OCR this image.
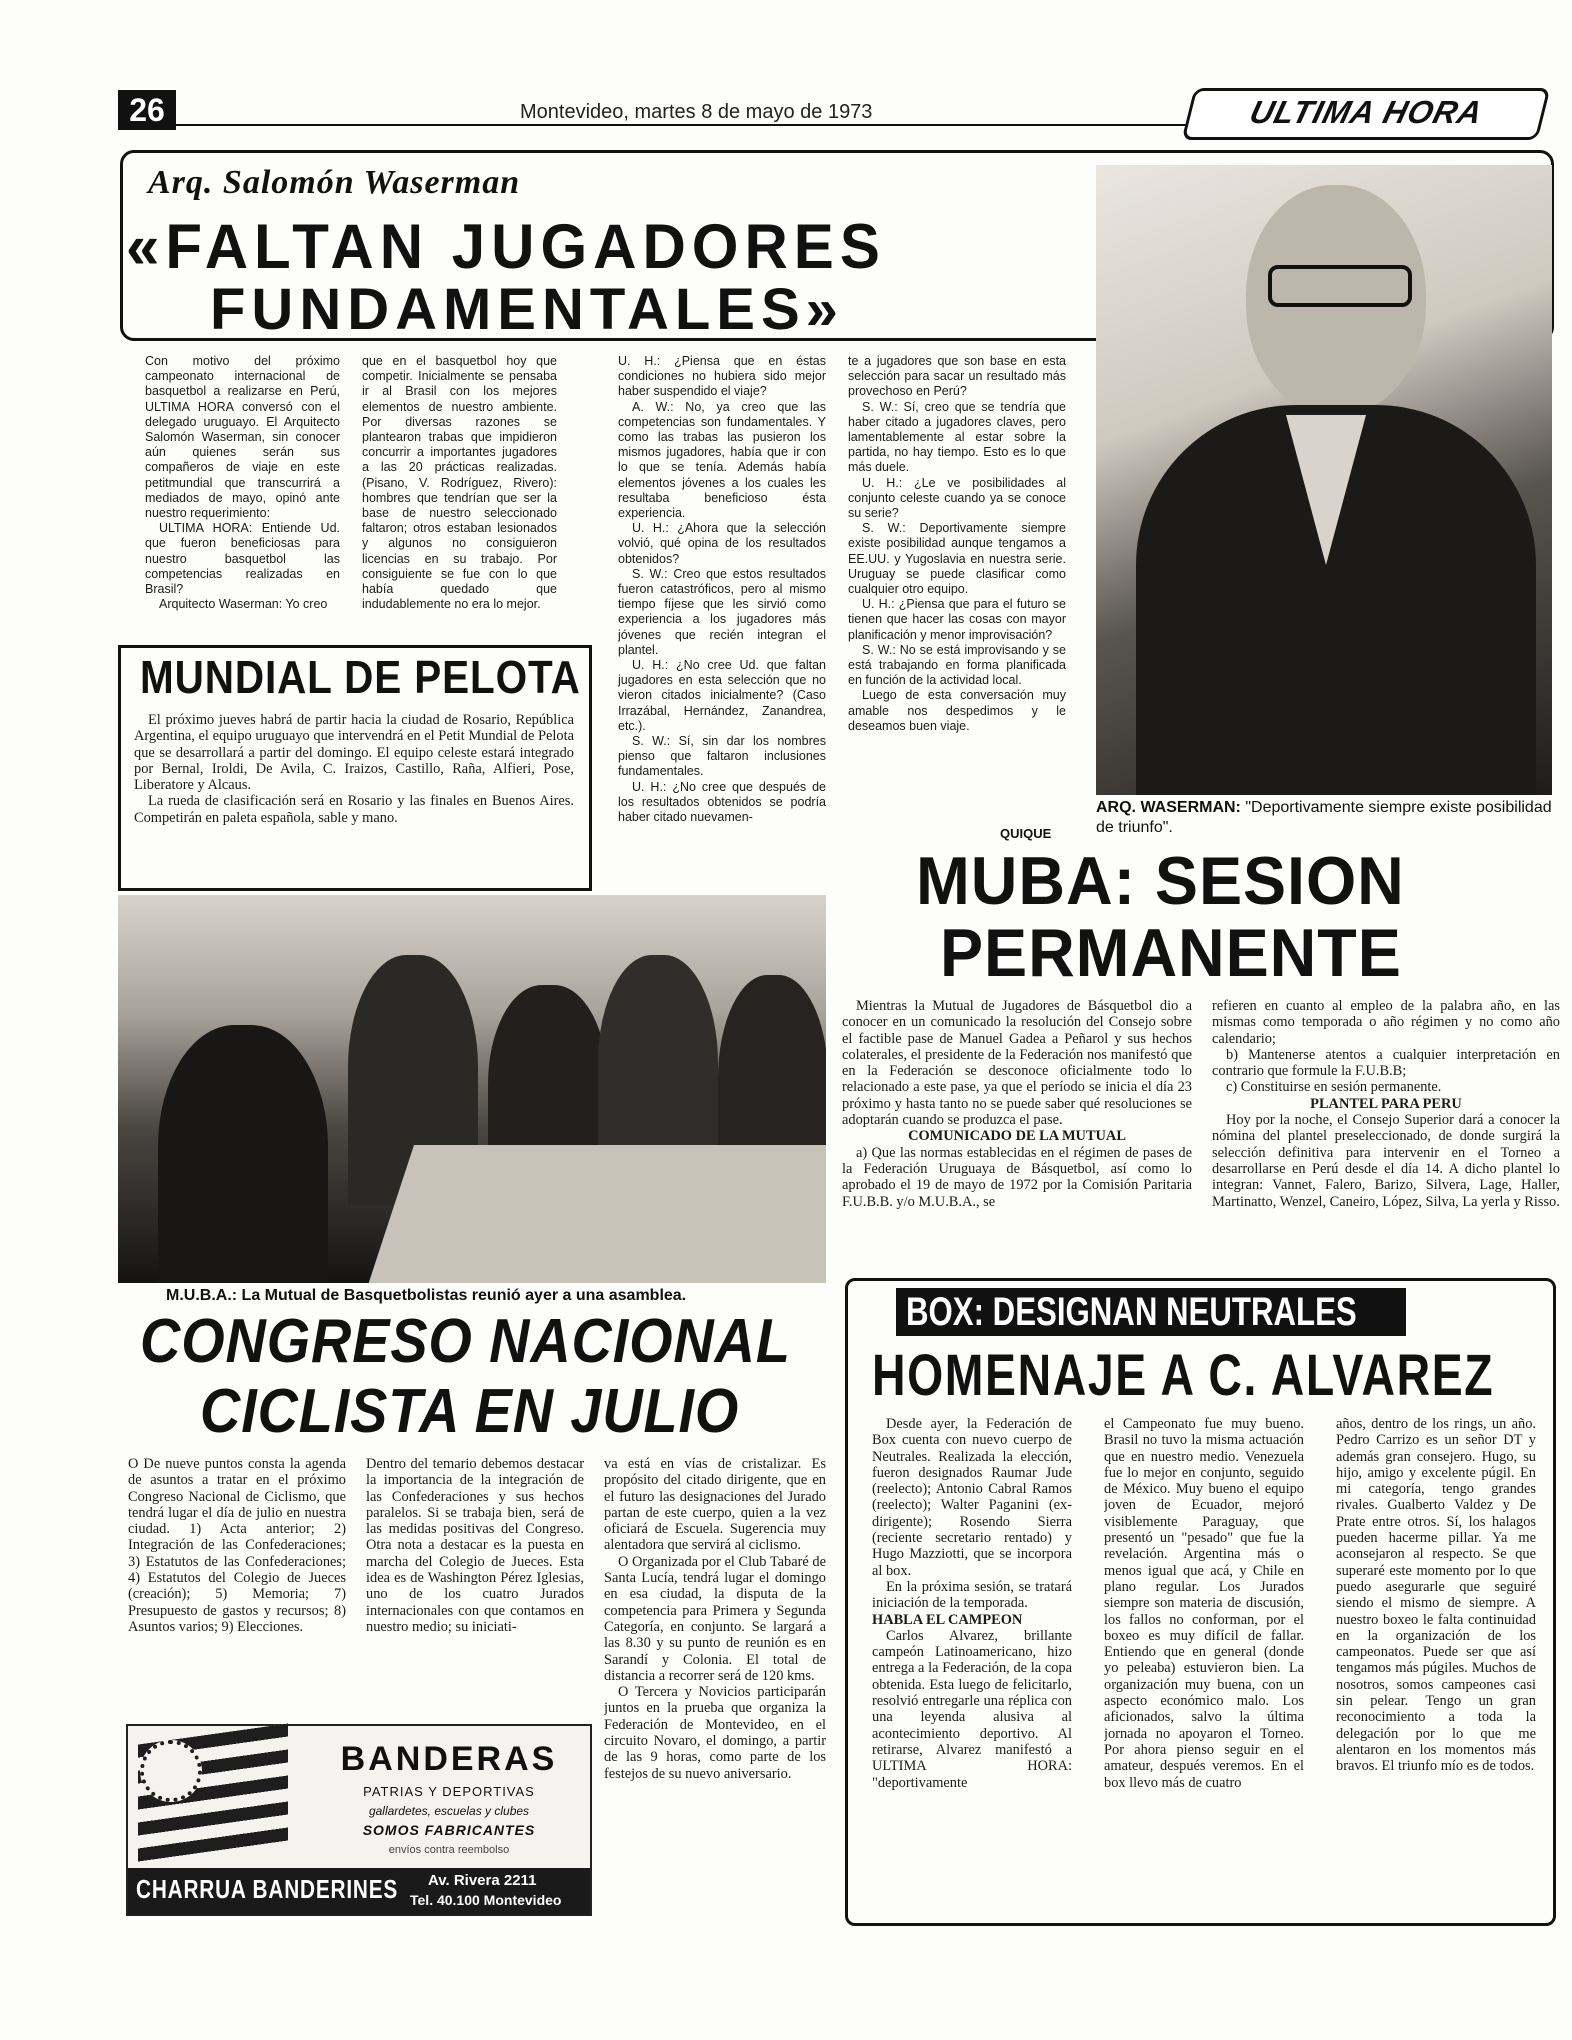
26	Montevideo, martes 8 de mayo de 1973	ULTIMA HORA
Arq. Salomón Waserman
«FALTAN JUGADORES
FUNDAMENTALES»
ARQ. WASERMAN: "Deportivamente siempre existe posibilidad de triunfo".

Con motivo del próximo campeonato internacional de basquetbol a realizarse en Perú, ULTIMA HORA conversó con el delegado uruguayo. El Arquitecto Salomón Waserman, sin conocer aún quienes serán sus compañeros de viaje en este petitmundial que transcurrirá a mediados de mayo, opinó ante nuestro requerimiento:

ULTIMA HORA: Entiende Ud. que fueron beneficiosas para nuestro basquetbol las competencias realizadas en Brasil?

Arquitecto Waserman: Yo creo

que en el basquetbol hoy que competir. Inicialmente se pensaba ir al Brasil con los mejores elementos de nuestro ambiente. Por diversas razones se plantearon trabas que impidieron concurrir a importantes jugadores a las 20 prácticas realizadas. (Pisano, V. Rodríguez, Rivero): hombres que tendrían que ser la base de nuestro seleccionado faltaron; otros estaban lesionados y algunos no consiguieron licencias en su trabajo. Por consiguiente se fue con lo que había quedado que indudablemente no era lo mejor.

U. H.: ¿Piensa que en éstas condiciones no hubiera sido mejor haber suspendido el viaje?

A. W.: No, ya creo que las competencias son fundamentales. Y como las trabas las pusieron los mismos jugadores, había que ir con lo que se tenía. Además había elementos jóvenes a los cuales les resultaba beneficioso ésta experiencia.

U. H.: ¿Ahora que la selección volvió, qué opina de los resultados obtenidos?

S. W.: Creo que estos resultados fueron catastróficos, pero al mismo tiempo fíjese que les sirvió como experiencia a los jugadores más jóvenes que recién integran el plantel.

U. H.: ¿No cree Ud. que faltan jugadores en esta selección que no vieron citados inicialmente? (Caso Irrazábal, Hernández, Zanandrea, etc.).

S. W.: Sí, sin dar los nombres pienso que faltaron inclusiones fundamentales.

U. H.: ¿No cree que después de los resultados obtenidos se podría haber citado nuevamen-

te a jugadores que son base en esta selección para sacar un resultado más provechoso en Perú?

S. W.: Sí, creo que se tendría que haber citado a jugadores claves, pero lamentablemente al estar sobre la partida, no hay tiempo. Esto es lo que más duele.

U. H.: ¿Le ve posibilidades al conjunto celeste cuando ya se conoce su serie?

S. W.: Deportivamente siempre existe posibilidad aunque tengamos a EE.UU. y Yugoslavia en nuestra serie. Uruguay se puede clasificar como cualquier otro equipo.

U. H.: ¿Piensa que para el futuro se tienen que hacer las cosas con mayor planificación y menor improvisación?

S. W.: No se está improvisando y se está trabajando en forma planificada en función de la actividad local.

Luego de esta conversación muy amable nos despedimos y le deseamos buen viaje.

QUIQUE
MUNDIAL DE PELOTA

El próximo jueves habrá de partir hacia la ciudad de Rosario, República Argentina, el equipo uruguayo que intervendrá en el Petit Mundial de Pelota que se desarrollará a partir del domingo. El equipo celeste estará integrado por Bernal, Iroldi, De Avila, C. Iraizos, Castillo, Raña, Alfieri, Pose, Liberatore y Alcaus.

La rueda de clasificación será en Rosario y las finales en Buenos Aires. Competirán en paleta española, sable y mano.

M.U.B.A.: La Mutual de Basquetbolistas reunió ayer a una asamblea.
MUBA: SESION
PERMANENTE

Mientras la Mutual de Jugadores de Básquetbol dio a conocer en un comunicado la resolución del Consejo sobre el factible pase de Manuel Gadea a Peñarol y sus hechos colaterales, el presidente de la Federación nos manifestó que en la Federación se desconoce oficialmente todo lo relacionado a este pase, ya que el período se inicia el día 23 próximo y hasta tanto no se puede saber qué resoluciones se adoptarán cuando se produzca el pase.

COMUNICADO DE LA MUTUAL

a) Que las normas establecidas en el régimen de pases de la Federación Uruguaya de Básquetbol, así como lo aprobado el 19 de mayo de 1972 por la Comisión Paritaria F.U.B.B. y/o M.U.B.A., se

refieren en cuanto al empleo de la palabra año, en las mismas como temporada o año régimen y no como año calendario;

b) Mantenerse atentos a cualquier interpretación en contrario que formule la F.U.B.B;

c) Constituirse en sesión permanente.

PLANTEL PARA PERU

Hoy por la noche, el Consejo Superior dará a conocer la nómina del plantel preseleccionado, de donde surgirá la selección definitiva para intervenir en el Torneo a desarrollarse en Perú desde el día 14. A dicho plantel lo integran: Vannet, Falero, Barizo, Silvera, Lage, Haller, Martinatto, Wenzel, Caneiro, López, Silva, La yerla y Risso.

CONGRESO NACIONAL
CICLISTA EN JULIO

O De nueve puntos consta la agenda de asuntos a tratar en el próximo Congreso Nacional de Ciclismo, que tendrá lugar el día de julio en nuestra ciudad. 1) Acta anterior; 2) Integración de las Confederaciones; 3) Estatutos de las Confederaciones; 4) Estatutos del Colegio de Jueces (creación); 5) Memoria; 7) Presupuesto de gastos y recursos; 8) Asuntos varios; 9) Elecciones.

Dentro del temario debemos destacar la importancia de la integración de las Confederaciones y sus hechos paralelos. Si se trabaja bien, será de las medidas positivas del Congreso. Otra nota a destacar es la puesta en marcha del Colegio de Jueces. Esta idea es de Washington Pérez Iglesias, uno de los cuatro Jurados internacionales con que contamos en nuestro medio; su iniciati-

va está en vías de cristalizar. Es propósito del citado dirigente, que en el futuro las designaciones del Jurado partan de este cuerpo, quien a la vez oficiará de Escuela. Sugerencia muy alentadora que servirá al ciclismo.

O Organizada por el Club Tabaré de Santa Lucía, tendrá lugar el domingo en esa ciudad, la disputa de la competencia para Primera y Segunda Categoría, en conjunto. Se largará a las 8.30 y su punto de reunión es en Sarandí y Colonia. El total de distancia a recorrer será de 120 kms.

O Tercera y Novicios participarán juntos en la prueba que organiza la Federación de Montevideo, en el circuito Novaro, el domingo, a partir de las 9 horas, como parte de los festejos de su nuevo aniversario.

BANDERAS
PATRIAS Y DEPORTIVAS
gallardetes, escuelas y clubes
SOMOS FABRICANTES
envíos contra reembolso
CHARRUA BANDERINES Av. Rivera 2211
Tel. 40.100 Montevideo
BOX: DESIGNAN NEUTRALES
HOMENAJE A C. ALVAREZ

Desde ayer, la Federación de Box cuenta con nuevo cuerpo de Neutrales. Realizada la elección, fueron designados Raumar Jude (reelecto); Antonio Cabral Ramos (reelecto); Walter Paganini (ex-dirigente); Rosendo Sierra (reciente secretario rentado) y Hugo Mazziotti, que se incorpora al box.

En la próxima sesión, se tratará iniciación de la temporada.

HABLA EL CAMPEON

Carlos Alvarez, brillante campeón Latinoamericano, hizo entrega a la Federación, de la copa obtenida. Esta luego de felicitarlo, resolvió entregarle una réplica con una leyenda alusiva al acontecimiento deportivo. Al retirarse, Alvarez manifestó a ULTIMA HORA: "deportivamente

el Campeonato fue muy bueno. Brasil no tuvo la misma actuación que en nuestro medio. Venezuela fue lo mejor en conjunto, seguido de México. Muy bueno el equipo joven de Ecuador, mejoró visiblemente Paraguay, que presentó un "pesado" que fue la revelación. Argentina más o menos igual que acá, y Chile en plano regular. Los Jurados siempre son materia de discusión, los fallos no conforman, por el boxeo es muy difícil de fallar. Entiendo que en general (donde yo peleaba) estuvieron bien. La organización muy buena, con un aspecto económico malo. Los aficionados, salvo la última jornada no apoyaron el Torneo. Por ahora pienso seguir en el amateur, después veremos. En el box llevo más de cuatro

años, dentro de los rings, un año. Pedro Carrizo es un señor DT y además gran consejero. Hugo, su hijo, amigo y excelente púgil. En mi categoría, tengo grandes rivales. Gualberto Valdez y De Prate entre otros. Sí, los halagos pueden hacerme pillar. Ya me aconsejaron al respecto. Se que superaré este momento por lo que puedo asegurarle que seguiré siendo el mismo de siempre. A nuestro boxeo le falta continuidad en la organización de los campeonatos. Puede ser que así tengamos más púgiles. Muchos de nosotros, somos campeones casi sin pelear. Tengo un gran reconocimiento a toda la delegación por lo que me alentaron en los momentos más bravos. El triunfo mío es de todos.
